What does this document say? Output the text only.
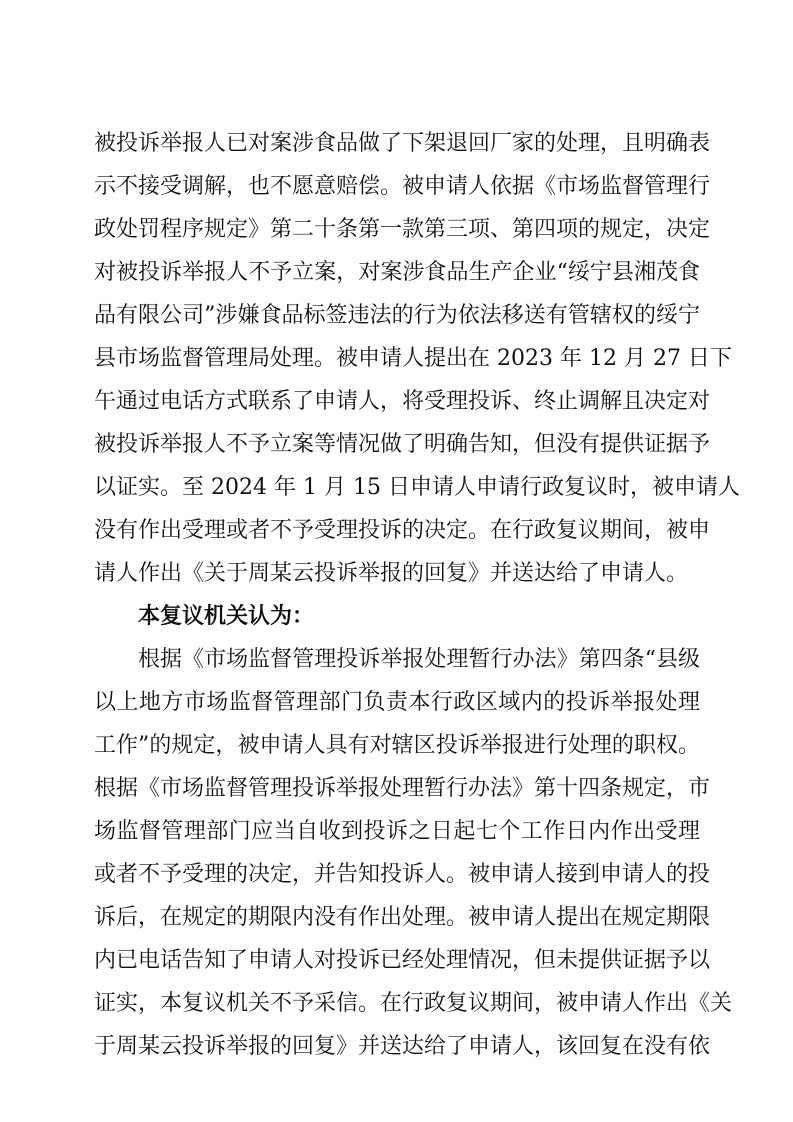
被投诉举报人已对案涉食品做了下架退回厂家的处理，且明确表
示不接受调解，也不愿意赔偿。被申请人依据《市场监督管理行
政处罚程序规定》第二十条第一款第三项、第四项的规定，决定
对被投诉举报人不予立案，对案涉食品生产企业“绥宁县湘茂食
品有限公司”涉嫌食品标签违法的行为依法移送有管辖权的绥宁
县市场监督管理局处理。被申请人提出在 2023 年 12 月 27 日下
午通过电话方式联系了申请人，将受理投诉、终止调解且决定对
被投诉举报人不予立案等情况做了明确告知，但没有提供证据予
以证实。至 2024 年 1 月 15 日申请人申请行政复议时，被申请人
没有作出受理或者不予受理投诉的决定。在行政复议期间，被申
请人作出《关于周某云投诉举报的回复》并送达给了申请人。
本复议机关认为：
根据《市场监督管理投诉举报处理暂行办法》第四条“县级
以上地方市场监督管理部门负责本行政区域内的投诉举报处理
工作”的规定，被申请人具有对辖区投诉举报进行处理的职权。
根据《市场监督管理投诉举报处理暂行办法》第十四条规定，市
场监督管理部门应当自收到投诉之日起七个工作日内作出受理
或者不予受理的决定，并告知投诉人。被申请人接到申请人的投
诉后，在规定的期限内没有作出处理。被申请人提出在规定期限
内已电话告知了申请人对投诉已经处理情况，但未提供证据予以
证实，本复议机关不予采信。在行政复议期间，被申请人作出《关
于周某云投诉举报的回复》并送达给了申请人，该回复在没有依
